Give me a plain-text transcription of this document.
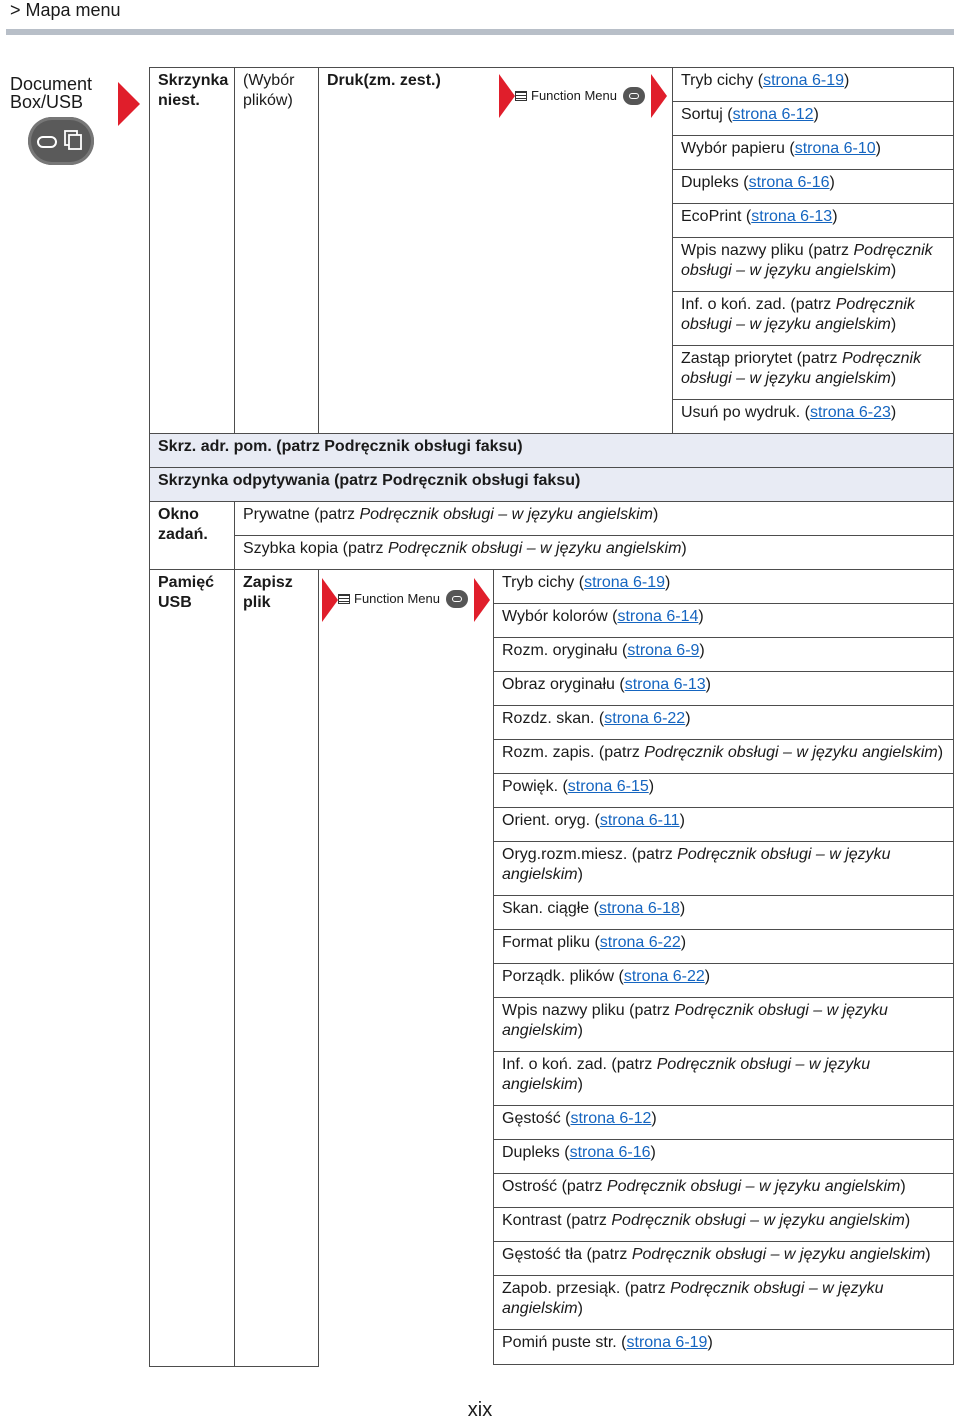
> Mapa menu
Document
Box/USB
Skrzynka
niest.
(Wybór
plików)
Druk(zm. zest.)
Function Menu
Tryb cichy (strona 6-19)
Sortuj (strona 6-12)
Wybór papieru (strona 6-10)
Dupleks (strona 6-16)
EcoPrint (strona 6-13)
Wpis nazwy pliku (patrz Podręcznik obsługi – w języku angielskim)
Inf. o koń. zad. (patrz Podręcznik obsługi – w języku angielskim)
Zastąp priorytet (patrz Podręcznik obsługi – w języku angielskim)
Usuń po wydruk. (strona 6-23)
Skrz. adr. pom. (patrz Podręcznik obsługi faksu)
Skrzynka odpytywania (patrz Podręcznik obsługi faksu)
Okno
zadań.
Prywatne (patrz Podręcznik obsługi – w języku angielskim)
Szybka kopia (patrz Podręcznik obsługi – w języku angielskim)
Pamięć
USB
Zapisz
plik	Function Menu
Tryb cichy (strona 6-19)
Wybór kolorów (strona 6-14)
Rozm. oryginału (strona 6-9)
Obraz oryginału (strona 6-13)
Rozdz. skan. (strona 6-22)
Rozm. zapis. (patrz Podręcznik obsługi – w języku angielskim)
Powięk. (strona 6-15)
Orient. oryg. (strona 6-11)
Oryg.rozm.miesz. (patrz Podręcznik obsługi – w języku angielskim)
Skan. ciągłe (strona 6-18)
Format pliku (strona 6-22)
Porządk. plików (strona 6-22)
Wpis nazwy pliku (patrz Podręcznik obsługi – w języku angielskim)
Inf. o koń. zad. (patrz Podręcznik obsługi – w języku angielskim)
Gęstość (strona 6-12)
Dupleks (strona 6-16)
Ostrość (patrz Podręcznik obsługi – w języku angielskim)
Kontrast (patrz Podręcznik obsługi – w języku angielskim)
Gęstość tła (patrz Podręcznik obsługi – w języku angielskim)
Zapob. przesiąk. (patrz Podręcznik obsługi – w języku angielskim)
Pomiń puste str. (strona 6-19)
xix
